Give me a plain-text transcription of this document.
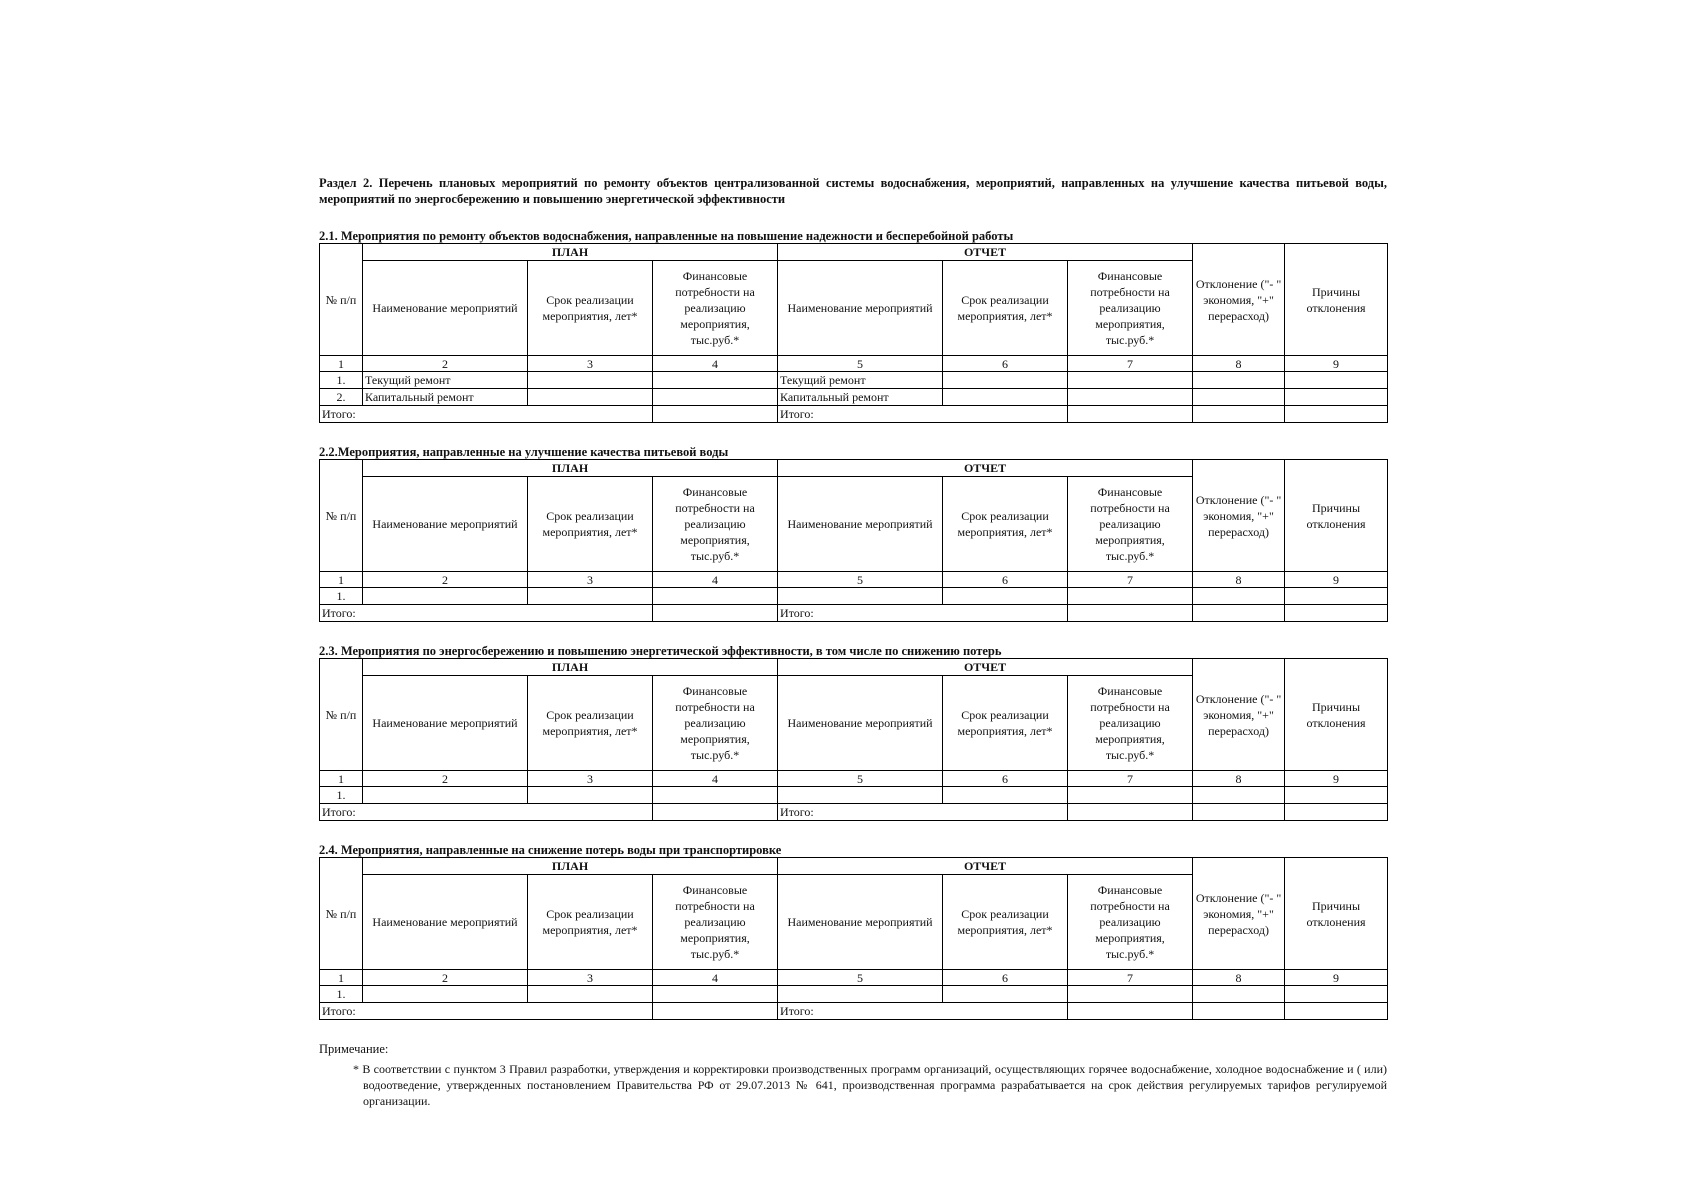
Раздел 2. Перечень плановых мероприятий по ремонту объектов централизованной системы водоснабжения, мероприятий, направленных на улучшение качества питьевой воды, мероприятий по энергосбережению и повышению энергетической эффективности
2.1. Мероприятия по ремонту объектов водоснабжения, направленные на повышение надежности и бесперебойной работы
№ п/п	ПЛАН			ОТЧЕТ			Отклонение ("- " экономия, "+" перерасход)	Причины отклонения
	Наименование мероприятий	Срок реализации мероприятия, лет*	Финансовые потребности на реализацию мероприятия, тыс.руб.*	Наименование мероприятий	Срок реализации мероприятия, лет*	Финансовые потребности на реализацию мероприятия, тыс.руб.*		
1	2	3	4	5	6	7	8	9
1.	Текущий ремонт			Текущий ремонт				
2.	Капитальный ремонт			Капитальный ремонт				
Итого:				Итого:				
2.2.Мероприятия, направленные на улучшение качества питьевой воды
№ п/п	ПЛАН			ОТЧЕТ			Отклонение ("- " экономия, "+" перерасход)	Причины отклонения
	Наименование мероприятий	Срок реализации мероприятия, лет*	Финансовые потребности на реализацию мероприятия, тыс.руб.*	Наименование мероприятий	Срок реализации мероприятия, лет*	Финансовые потребности на реализацию мероприятия, тыс.руб.*		
1	2	3	4	5	6	7	8	9
1.								
Итого:				Итого:				
2.3. Мероприятия по энергосбережению и повышению энергетической эффективности, в том числе по снижению потерь
№ п/п	ПЛАН			ОТЧЕТ			Отклонение ("- " экономия, "+" перерасход)	Причины отклонения
	Наименование мероприятий	Срок реализации мероприятия, лет*	Финансовые потребности на реализацию мероприятия, тыс.руб.*	Наименование мероприятий	Срок реализации мероприятия, лет*	Финансовые потребности на реализацию мероприятия, тыс.руб.*		
1	2	3	4	5	6	7	8	9
1.								
Итого:				Итого:				
2.4. Мероприятия, направленные на снижение потерь воды при транспортировке
№ п/п	ПЛАН			ОТЧЕТ			Отклонение ("- " экономия, "+" перерасход)	Причины отклонения
	Наименование мероприятий	Срок реализации мероприятия, лет*	Финансовые потребности на реализацию мероприятия, тыс.руб.*	Наименование мероприятий	Срок реализации мероприятия, лет*	Финансовые потребности на реализацию мероприятия, тыс.руб.*		
1	2	3	4	5	6	7	8	9
1.								
Итого:				Итого:				
Примечание:
* В соответствии с пунктом 3 Правил разработки, утверждения и корректировки производственных программ организаций, осуществляющих горячее водоснабжение, холодное водоснабжение и ( или) водоотведение, утвержденных постановлением Правительства РФ от 29.07.2013 № 641, производственная программа разрабатывается на срок действия регулируемых тарифов регулируемой организации.
